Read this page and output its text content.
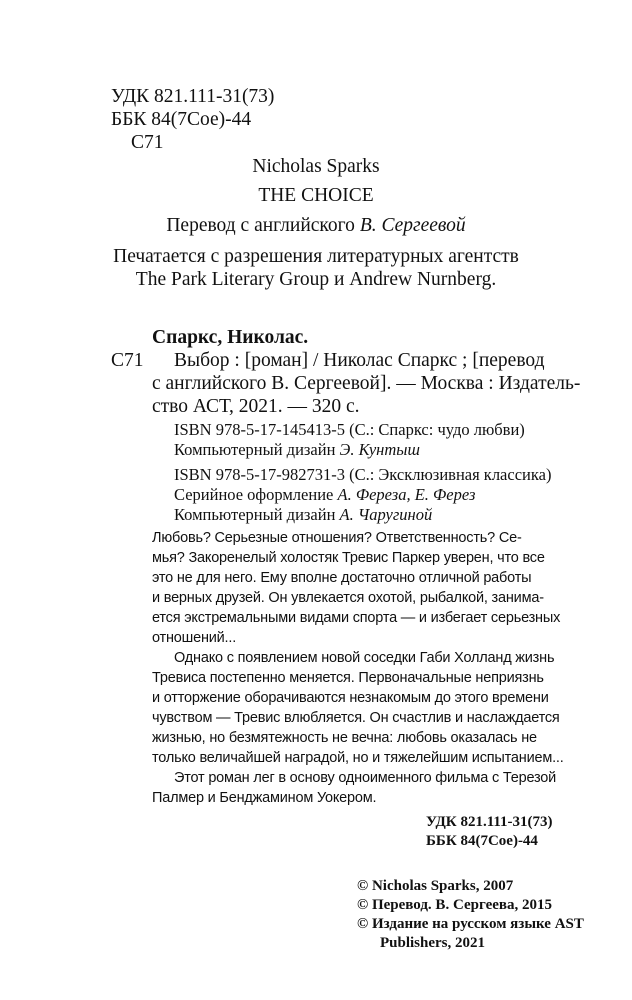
УДК 821.111-31(73)
ББК 84(7Сое)-44
С71
Nicholas Sparks
THE CHOICE
Перевод с английского В. Сергеевой
Печатается с разрешения литературных агентств
The Park Literary Group и Andrew Nurnberg.
Спаркс, Николас.
С71 Выбор : [роман] / Николас Спаркс ; [перевод
с английского В. Сергеевой]. — Москва : Издатель-
ство АСТ, 2021. — 320 с.
ISBN 978-5-17-145413-5 (С.: Спаркс: чудо любви)
Компьютерный дизайн Э. Кунтыш
ISBN 978-5-17-982731-3 (С.: Эксклюзивная классика)
Серийное оформление А. Фереза, Е. Ферез
Компьютерный дизайн А. Чаругиной
Любовь? Серьезные отношения? Ответственность? Се-
мья? Закоренелый холостяк Тревис Паркер уверен, что все
это не для него. Ему вполне достаточно отличной работы
и верных друзей. Он увлекается охотой, рыбалкой, занима-
ется экстремальными видами спорта — и избегает серьезных
отношений...
Однако с появлением новой соседки Габи Холланд жизнь
Тревиса постепенно меняется. Первоначальные неприязнь
и отторжение оборачиваются незнакомым до этого времени
чувством — Тревис влюбляется. Он счастлив и наслаждается
жизнью, но безмятежность не вечна: любовь оказалась не
только величайшей наградой, но и тяжелейшим испытанием...
Этот роман лег в основу одноименного фильма с Терезой
Палмер и Бенджамином Уокером.
УДК 821.111-31(73)
ББК 84(7Сое)-44
© Nicholas Sparks, 2007
© Перевод. В. Сергеева, 2015
© Издание на русском языке AST
Publishers, 2021
